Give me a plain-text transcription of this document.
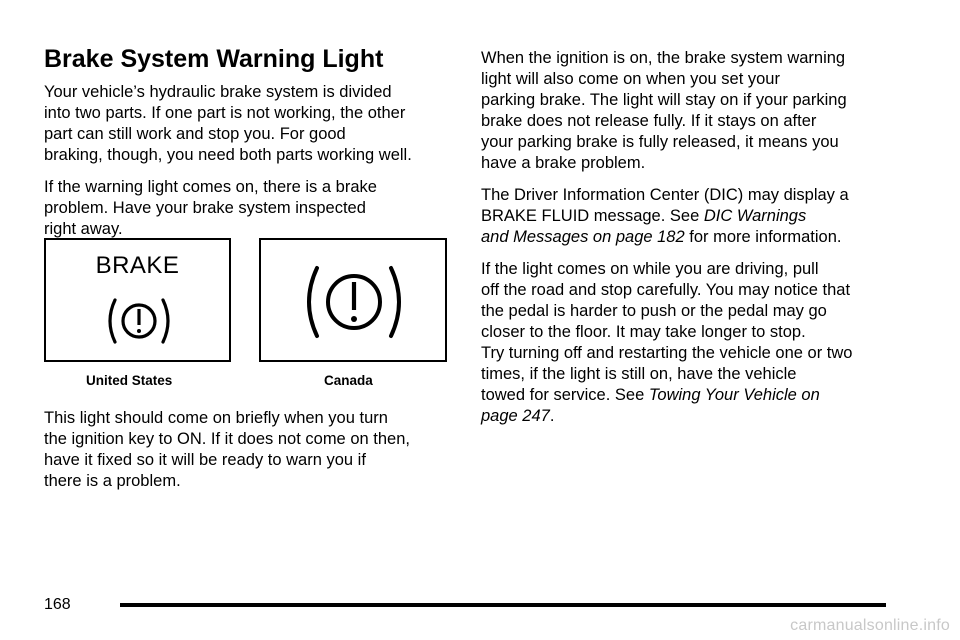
Brake System Warning Light

Your vehicle’s hydraulic brake system is divided
into two parts. If one part is not working, the other
part can still work and stop you. For good
braking, though, you need both parts working well.

If the warning light comes on, there is a brake
problem. Have your brake system inspected
right away.

BRAKE
United States	Canada

This light should come on briefly when you turn
the ignition key to ON. If it does not come on then,
have it fixed so it will be ready to warn you if
there is a problem.

When the ignition is on, the brake system warning
light will also come on when you set your
parking brake. The light will stay on if your parking
brake does not release fully. If it stays on after
your parking brake is fully released, it means you
have a brake problem.

The Driver Information Center (DIC) may display a
BRAKE FLUID message. See DIC Warnings
and Messages on page 182 for more information.

If the light comes on while you are driving, pull
off the road and stop carefully. You may notice that
the pedal is harder to push or the pedal may go
closer to the floor. It may take longer to stop.
Try turning off and restarting the vehicle one or two
times, if the light is still on, have the vehicle
towed for service. See Towing Your Vehicle on
page 247.

168
carmanualsonline.info
